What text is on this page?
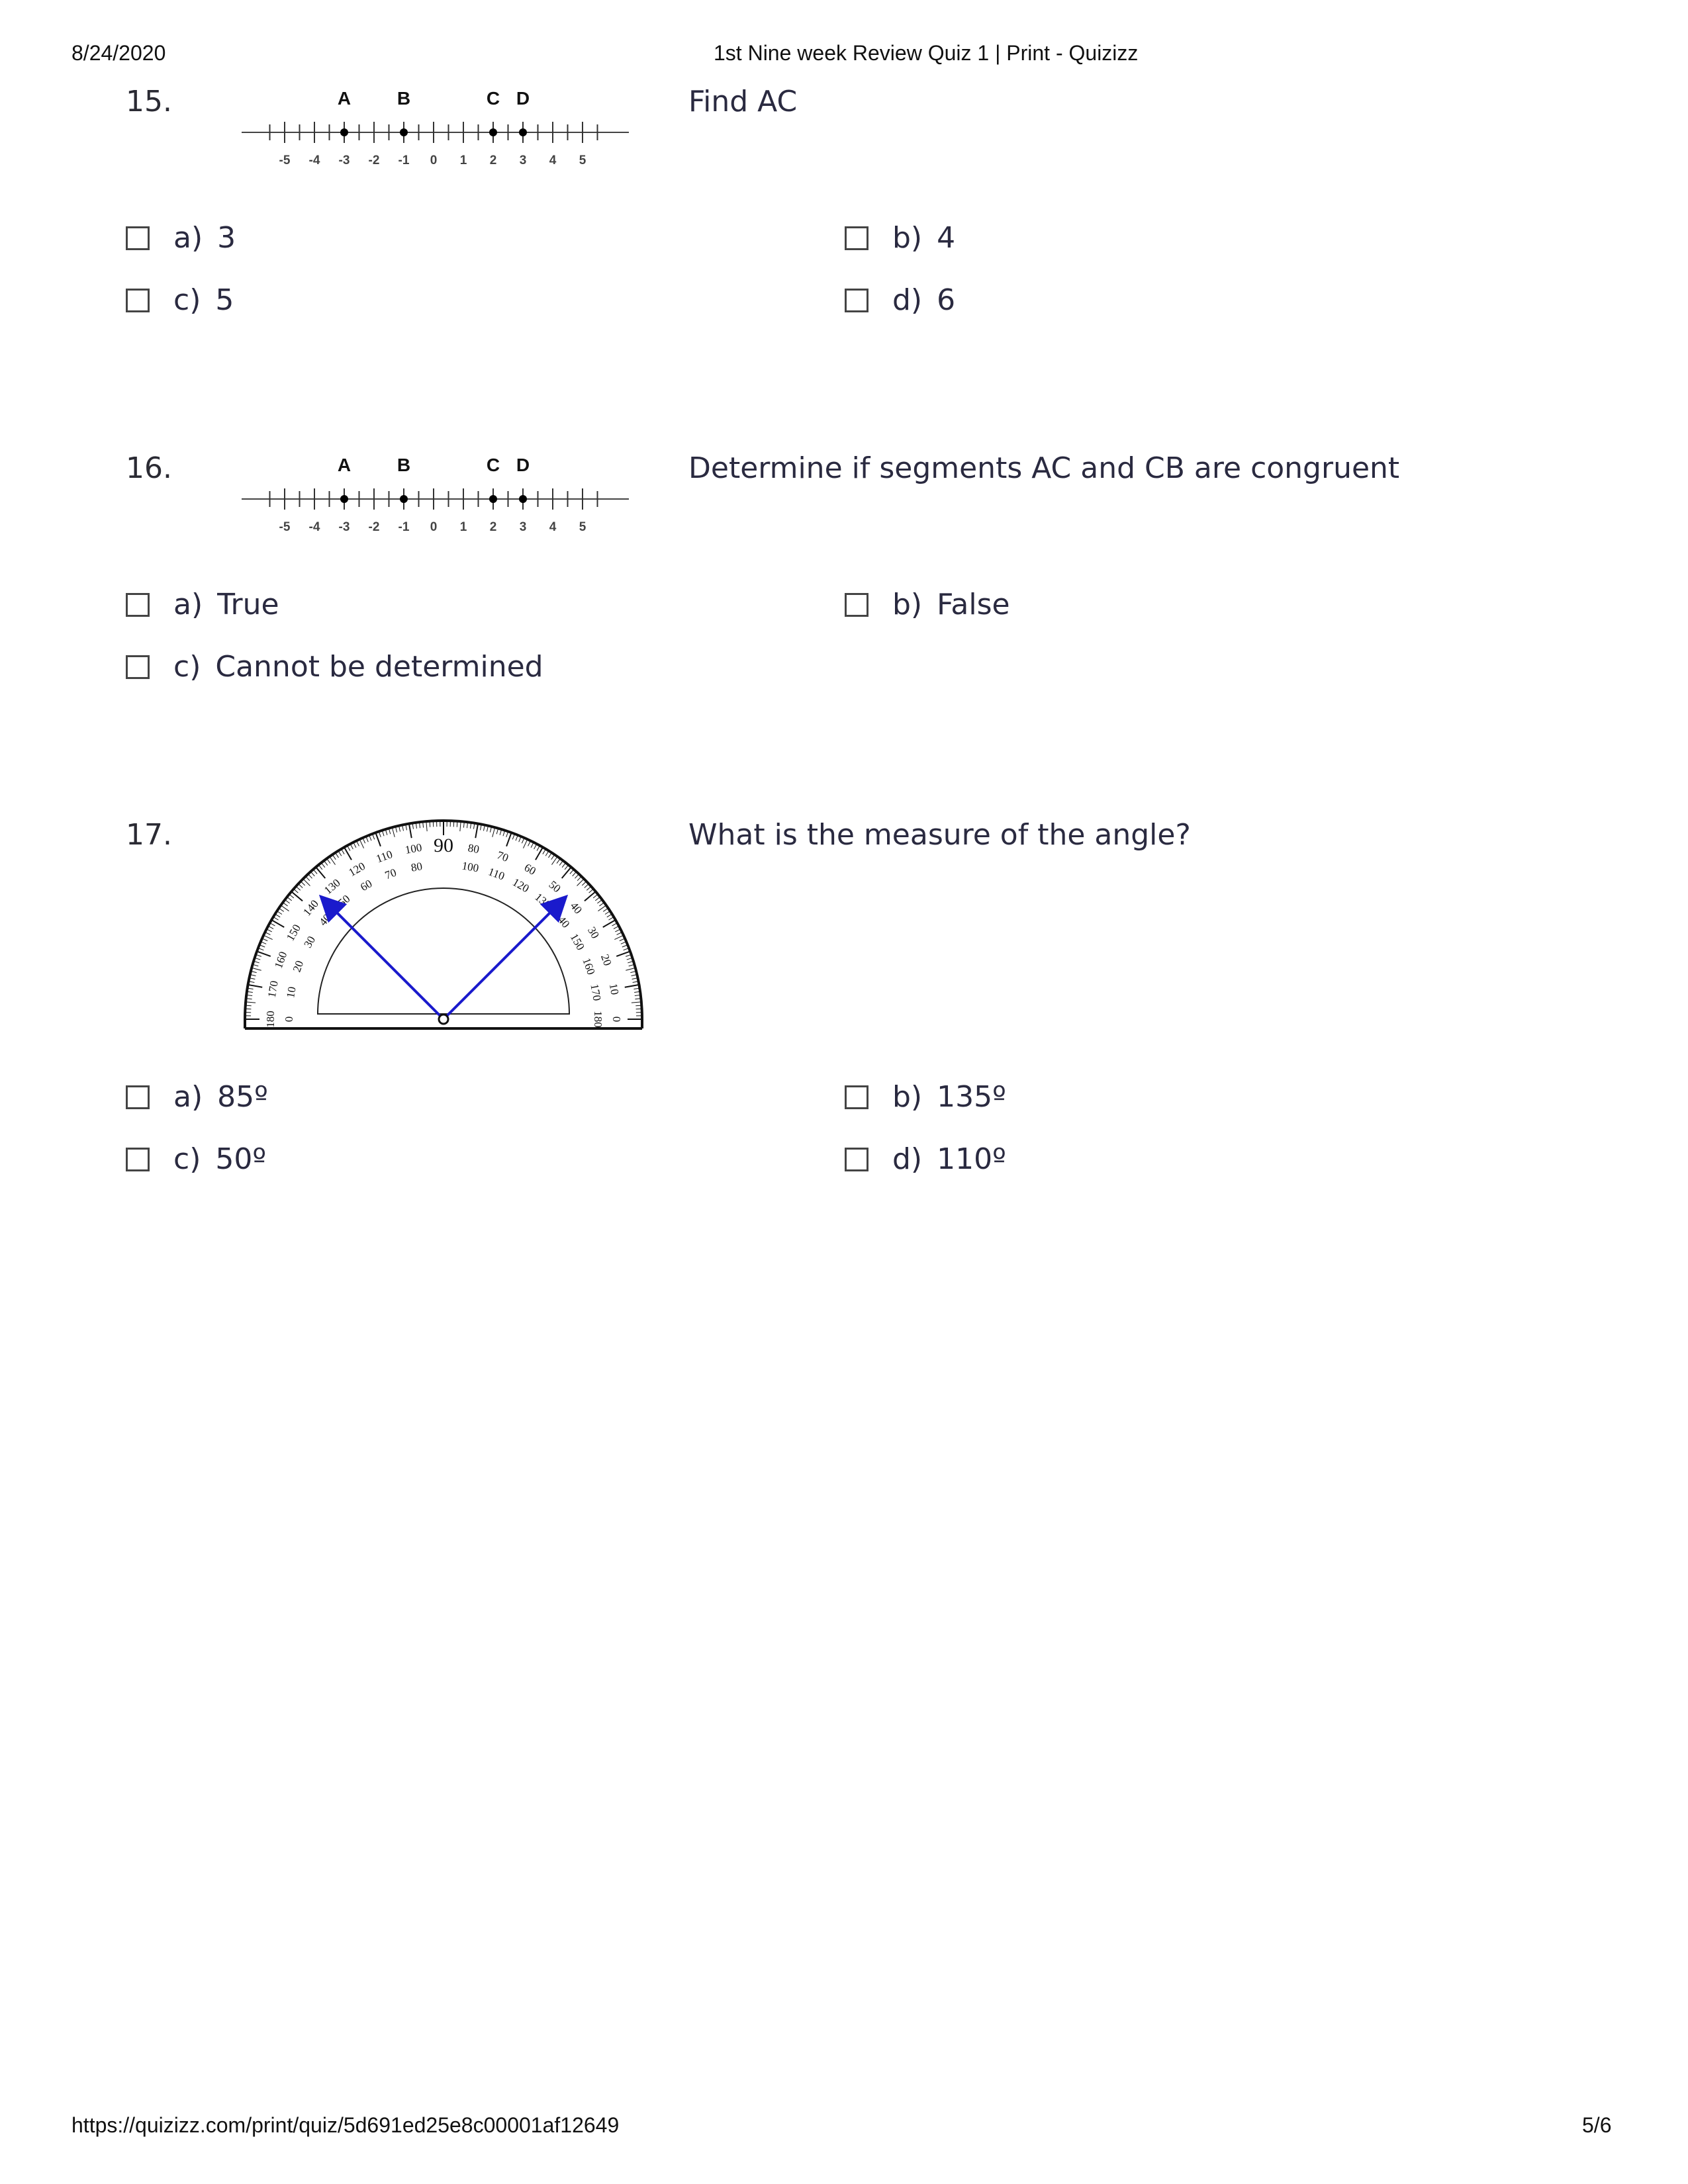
8/24/2020	1st Nine week Review Quiz 1 | Print - Quizizz
15.
-5 -4 -3 -2 -1 0 1 2 3 4 5
A B	C D	Find AC
a) 3	b) 4
c) 5	d) 6
16.
-5 -4 -3 -2 -1 0 1 2 3 4 5
A B	C D	Determine if segments AC and CB are congruent
a) True	b) False
c) Cannot be determined
17.
0
180
10
170
20
160
30
150
40
140
50
130
60
120
70
110
80
100
90
100
80
110
70
120
60
130
50
140
40
150
30
160 20
170 10
180 0
What is the measure of the angle?
a) 85º	b) 135º
c) 50º	d) 110º
https://quizizz.com/print/quiz/5d691ed25e8c00001af12649	5/6
